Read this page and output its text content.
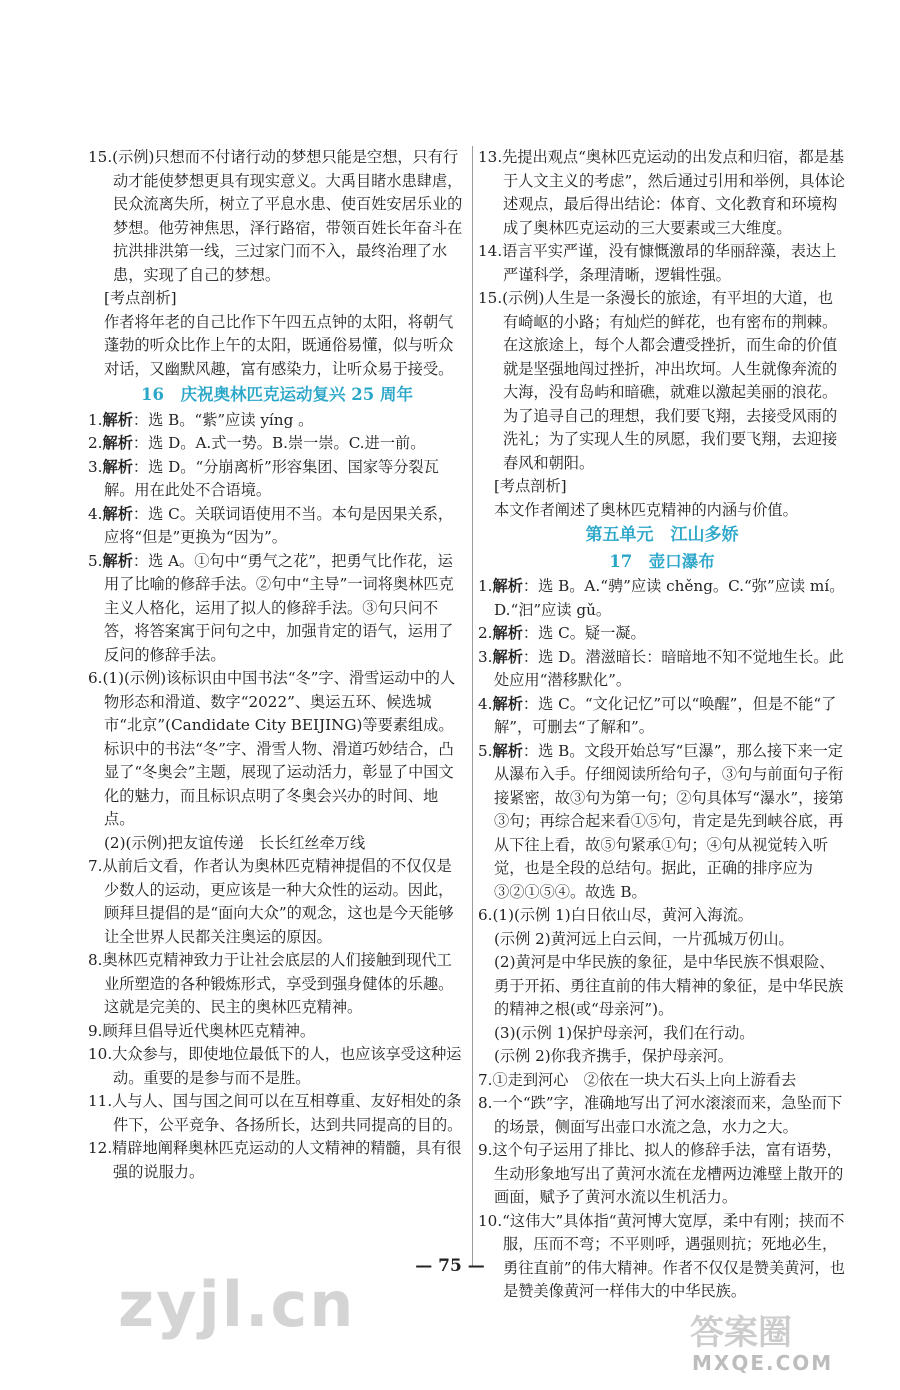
15.(示例)只想而不付诸行动的梦想只能是空想，只有行动才能使梦想更具有现实意义。大禹目睹水患肆虐，民众流离失所，树立了平息水患、使百姓安居乐业的梦想。他劳神焦思，泽行路宿，带领百姓长年奋斗在抗洪排洪第一线，三过家门而不入，最终治理了水患，实现了自己的梦想。
[考点剖析]
作者将年老的自己比作下午四五点钟的太阳，将朝气蓬勃的听众比作上午的太阳，既通俗易懂，似与听众对话，又幽默风趣，富有感染力，让听众易于接受。
16　庆祝奥林匹克运动复兴 25 周年
1.解析：选 B。“紫”应读 yíng 。
2.解析：选 D。A.式一势。B.崇一崇。C.进一前。
3.解析：选 D。“分崩离析”形容集团、国家等分裂瓦解。用在此处不合语境。
4.解析：选 C。关联词语使用不当。本句是因果关系，应将“但是”更换为“因为”。
5.解析：选 A。①句中“勇气之花”，把勇气比作花，运用了比喻的修辞手法。②句中“主导”一词将奥林匹克主义人格化，运用了拟人的修辞手法。③句只问不答，将答案寓于问句之中，加强肯定的语气，运用了反问的修辞手法。
6.(1)(示例)该标识由中国书法“冬”字、滑雪运动中的人物形态和滑道、数字“2022”、奥运五环、候选城市“北京”(Candidate City BEIJING)等要素组成。标识中的书法“冬”字、滑雪人物、滑道巧妙结合，凸显了“冬奥会”主题，展现了运动活力，彰显了中国文化的魅力，而且标识点明了冬奥会兴办的时间、地点。
(2)(示例)把友谊传递　长长红丝牵万线
7.从前后文看，作者认为奥林匹克精神提倡的不仅仅是少数人的运动，更应该是一种大众性的运动。因此，顾拜旦提倡的是“面向大众”的观念，这也是今天能够让全世界人民都关注奥运的原因。
8.奥林匹克精神致力于让社会底层的人们接触到现代工业所塑造的各种锻炼形式，享受到强身健体的乐趣。这就是完美的、民主的奥林匹克精神。
9.顾拜旦倡导近代奥林匹克精神。
10.大众参与，即使地位最低下的人，也应该享受这种运动。重要的是参与而不是胜。
11.人与人、国与国之间可以在互相尊重、友好相处的条件下，公平竞争、各扬所长，达到共同提高的目的。
12.精辟地阐释奥林匹克运动的人文精神的精髓，具有很强的说服力。
13.先提出观点“奥林匹克运动的出发点和归宿，都是基于人文主义的考虑”，然后通过引用和举例，具体论述观点，最后得出结论：体育、文化教育和环境构成了奥林匹克运动的三大要素或三大维度。
14.语言平实严谨，没有慷慨激昂的华丽辞藻，表达上严谨科学，条理清晰，逻辑性强。
15.(示例)人生是一条漫长的旅途，有平坦的大道，也有崎岖的小路；有灿烂的鲜花，也有密布的荆棘。在这旅途上，每个人都会遭受挫折，而生命的价值就是坚强地闯过挫折，冲出坎坷。人生就像奔流的大海，没有岛屿和暗礁，就难以激起美丽的浪花。为了追寻自己的理想，我们要飞翔，去接受风雨的洗礼；为了实现人生的夙愿，我们要飞翔，去迎接春风和朝阳。
[考点剖析]
本文作者阐述了奥林匹克精神的内涵与价值。
第五单元　江山多娇
17　壶口瀑布
1.解析：选 B。A.“骋”应读 chěng。C.“弥”应读 mí。D.“汩”应读 gǔ。
2.解析：选 C。疑一凝。
3.解析：选 D。潜滋暗长：暗暗地不知不觉地生长。此处应用“潜移默化”。
4.解析：选 C。“文化记忆”可以“唤醒”，但是不能“了解”，可删去“了解和”。
5.解析：选 B。文段开始总写“巨瀑”，那么接下来一定从瀑布入手。仔细阅读所给句子，③句与前面句子衔接紧密，故③句为第一句；②句具体写“瀑水”，接第③句；再综合起来看①⑤句，肯定是先到峡谷底，再从下往上看，故⑤句紧承①句；④句从视觉转入听觉，也是全段的总结句。据此，正确的排序应为③②①⑤④。故选 B。
6.(1)(示例 1)白日依山尽，黄河入海流。
(示例 2)黄河远上白云间，一片孤城万仞山。
(2)黄河是中华民族的象征，是中华民族不惧艰险、勇于开拓、勇往直前的伟大精神的象征，是中华民族的精神之根(或“母亲河”)。
(3)(示例 1)保护母亲河，我们在行动。
(示例 2)你我齐携手，保护母亲河。
7.①走到河心　②依在一块大石头上向上游看去
8.一个“跌”字，准确地写出了河水滚滚而来，急坠而下的场景，侧面写出壶口水流之急，水力之大。
9.这个句子运用了排比、拟人的修辞手法，富有语势，生动形象地写出了黄河水流在龙槽两边滩壁上散开的画面，赋予了黄河水流以生机活力。
10.“这伟大”具体指“黄河博大宽厚，柔中有刚；挟而不服，压而不弯；不平则呼，遇强则抗；死地必生，勇往直前”的伟大精神。作者不仅仅是赞美黄河，也是赞美像黄河一样伟大的中华民族。
— 75 —
zyjl.cn	答案圈
MXQE.COM
